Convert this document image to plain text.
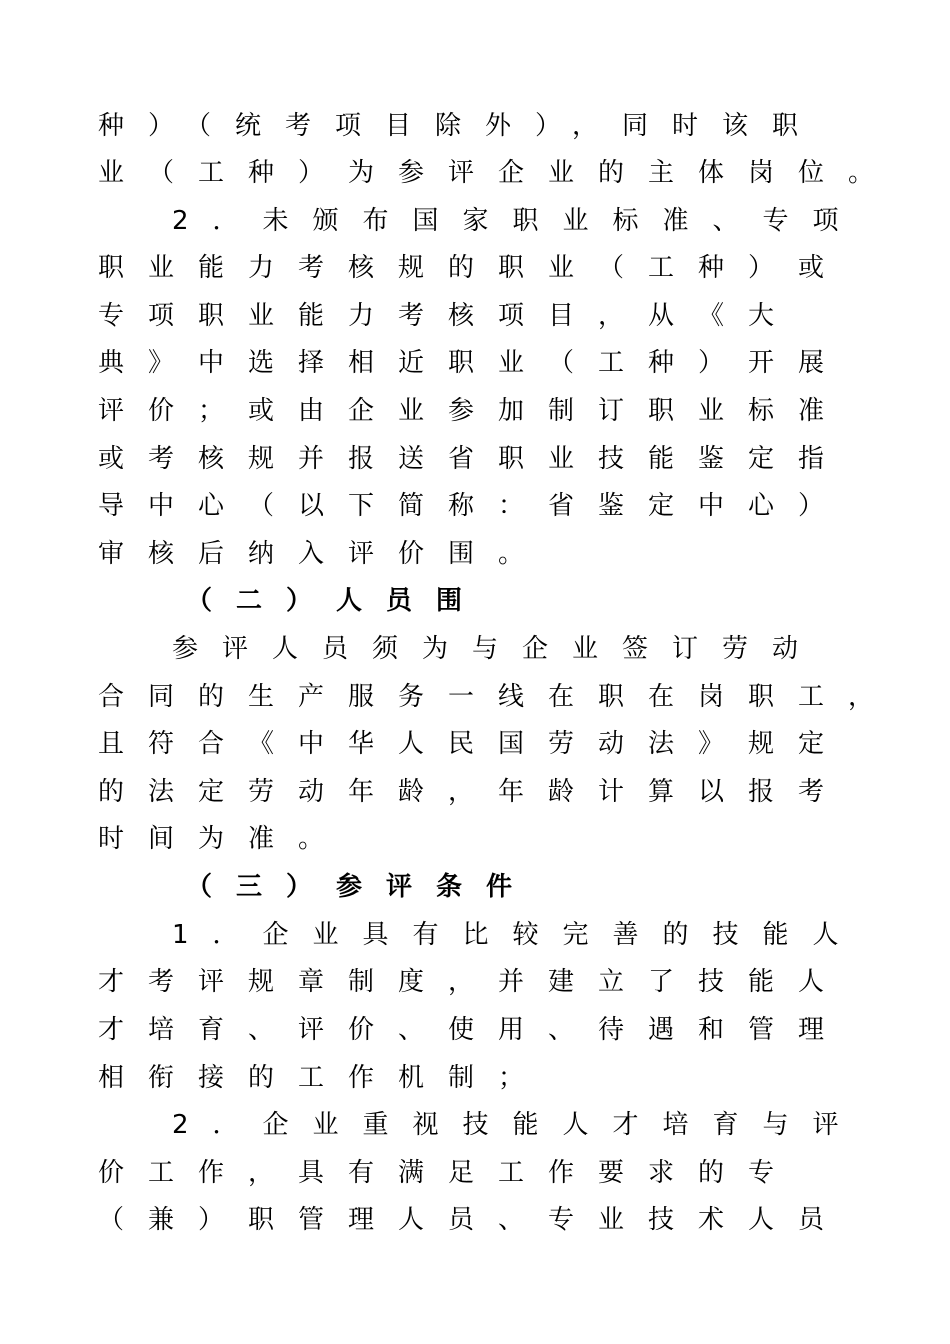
种）（统考项目除外），同时该职
业（工种）为参评企业的主体岗位。
2．未颁布国家职业标准、专项
职业能力考核规的职业（工种）或
专项职业能力考核项目，从《大
典》中选择相近职业（工种）开展
评价；或由企业参加制订职业标准
或考核规并报送省职业技能鉴定指
导中心（以下简称：省鉴定中心）
审核后纳入评价围。
（二）人员围
参评人员须为与企业签订劳动
合同的生产服务一线在职在岗职工，
且符合《中华人民国劳动法》规定
的法定劳动年龄，年龄计算以报考
时间为准。
（三）参评条件
1．企业具有比较完善的技能人
才考评规章制度，并建立了技能人
才培育、评价、使用、待遇和管理
相衔接的工作机制；
2．企业重视技能人才培育与评
价工作，具有满足工作要求的专
（兼）职管理人员、专业技术人员
